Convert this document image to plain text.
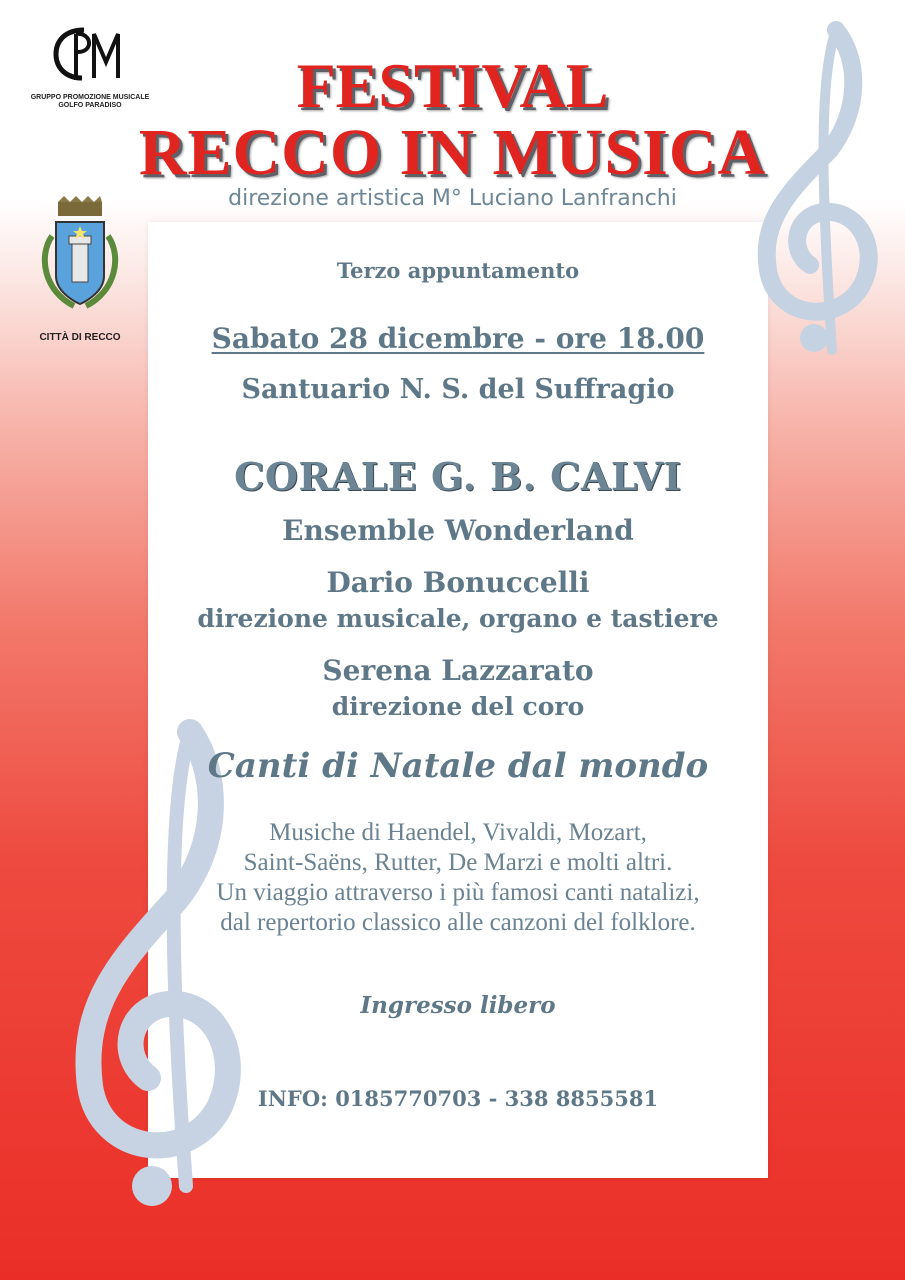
GRUPPO PROMOZIONE MUSICALE
GOLFO PARADISO
CITTÀ DI RECCO
FESTIVAL
RECCO IN MUSICA
direzione artistica M° Luciano Lanfranchi
Terzo appuntamento
Sabato 28 dicembre - ore 18.00
Santuario N. S. del Suffragio
CORALE G. B. CALVI
Ensemble Wonderland
Dario Bonuccelli
direzione musicale, organo e tastiere
Serena Lazzarato
direzione del coro
Canti di Natale dal mondo
Musiche di Haendel, Vivaldi, Mozart,
Saint-Saëns, Rutter, De Marzi e molti altri.
Un viaggio attraverso i più famosi canti natalizi,
dal repertorio classico alle canzoni del folklore.
Ingresso libero
INFO: 0185770703 - 338 8855581
